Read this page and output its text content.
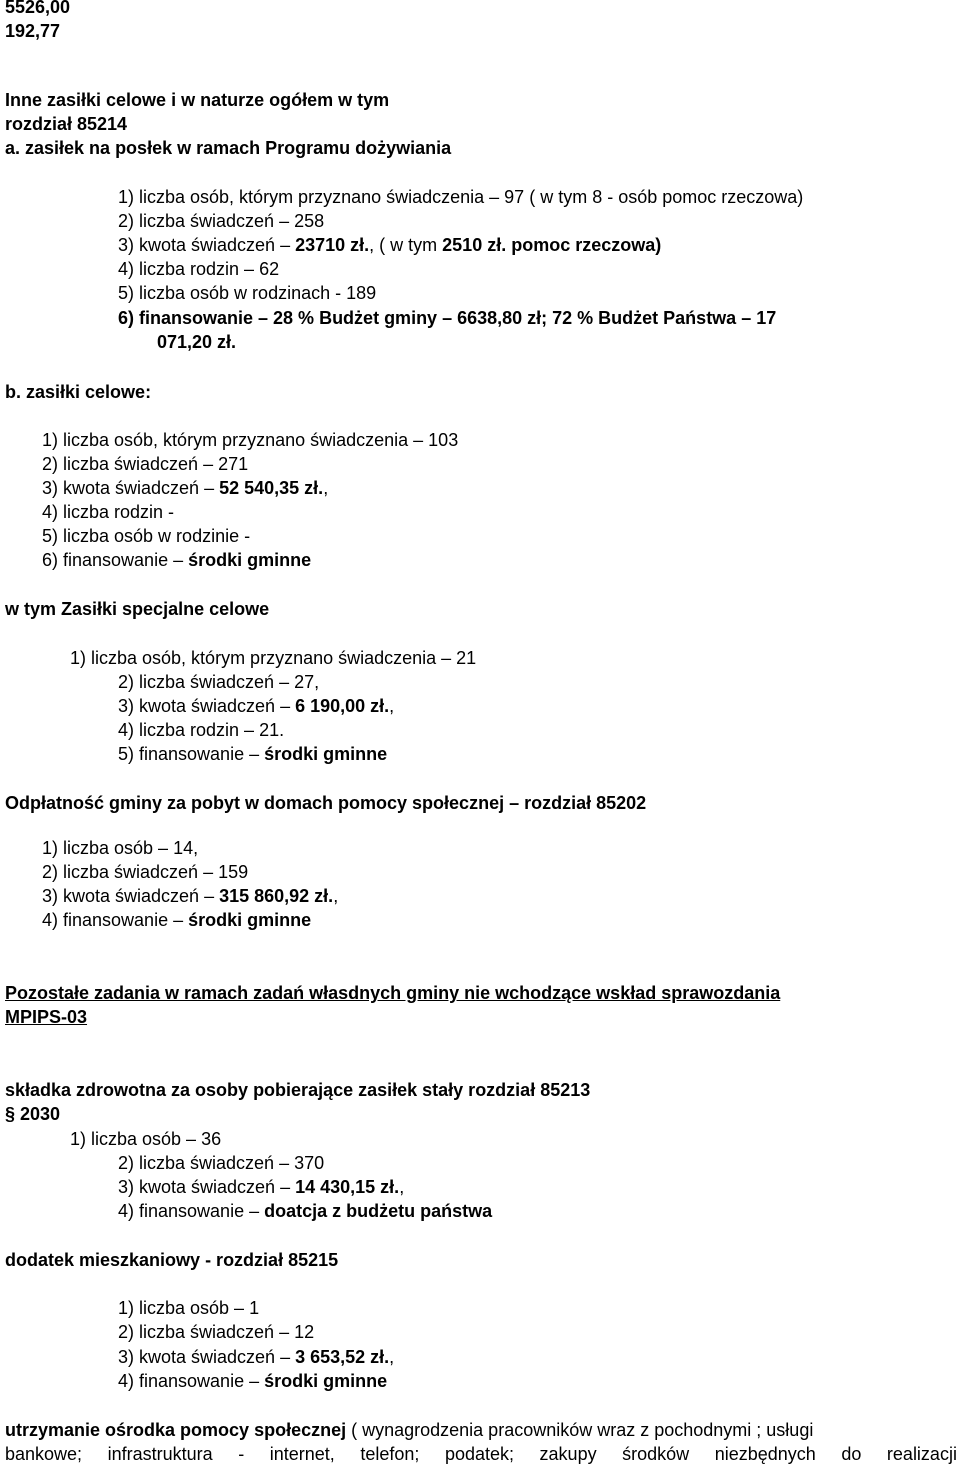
5526,00
192,77
Inne zasiłki celowe i w naturze ogółem w tym
rozdział 85214
a. zasiłek na posłek w ramach Programu dożywiania
1) liczba osób, którym przyznano świadczenia – 97 ( w tym 8 - osób pomoc rzeczowa)
2) liczba świadczeń – 258
3) kwota świadczeń – 23710 zł., ( w tym 2510 zł. pomoc rzeczowa)
4) liczba rodzin – 62
5) liczba osób w rodzinach - 189
6) finansowanie – 28 % Budżet gminy – 6638,80 zł; 72 % Budżet Państwa – 17
071,20 zł.
b. zasiłki celowe:
1) liczba osób, którym przyznano świadczenia – 103
2) liczba świadczeń – 271
3) kwota świadczeń – 52 540,35 zł.,
4) liczba rodzin -
5) liczba osób w rodzinie -
6) finansowanie – środki gminne
w tym Zasiłki specjalne celowe
1) liczba osób, którym przyznano świadczenia – 21
2) liczba świadczeń – 27,
3) kwota świadczeń – 6 190,00 zł.,
4) liczba rodzin – 21.
5) finansowanie – środki gminne
Odpłatność gminy za pobyt w domach pomocy społecznej – rozdział 85202
1) liczba osób – 14,
2) liczba świadczeń – 159
3) kwota świadczeń – 315 860,92 zł.,
4) finansowanie – środki gminne
Pozostałe zadania w ramach zadań własdnych gminy nie wchodzące wskład sprawozdania
MPIPS-03
składka zdrowotna za osoby pobierające zasiłek stały rozdział 85213
§ 2030
1) liczba osób – 36
2) liczba świadczeń – 370
3) kwota świadczeń – 14 430,15 zł.,
4) finansowanie – doatcja z budżetu państwa
dodatek mieszkaniowy - rozdział 85215
1) liczba osób – 1
2) liczba świadczeń – 12
3) kwota świadczeń – 3 653,52 zł.,
4) finansowanie – środki gminne
utrzymanie ośrodka pomocy społecznej ( wynagrodzenia pracowników wraz z pochodnymi ; usługi
bankowe; infrastruktura - internet, telefon; podatek; zakupy środków niezbędnych do realizacji
